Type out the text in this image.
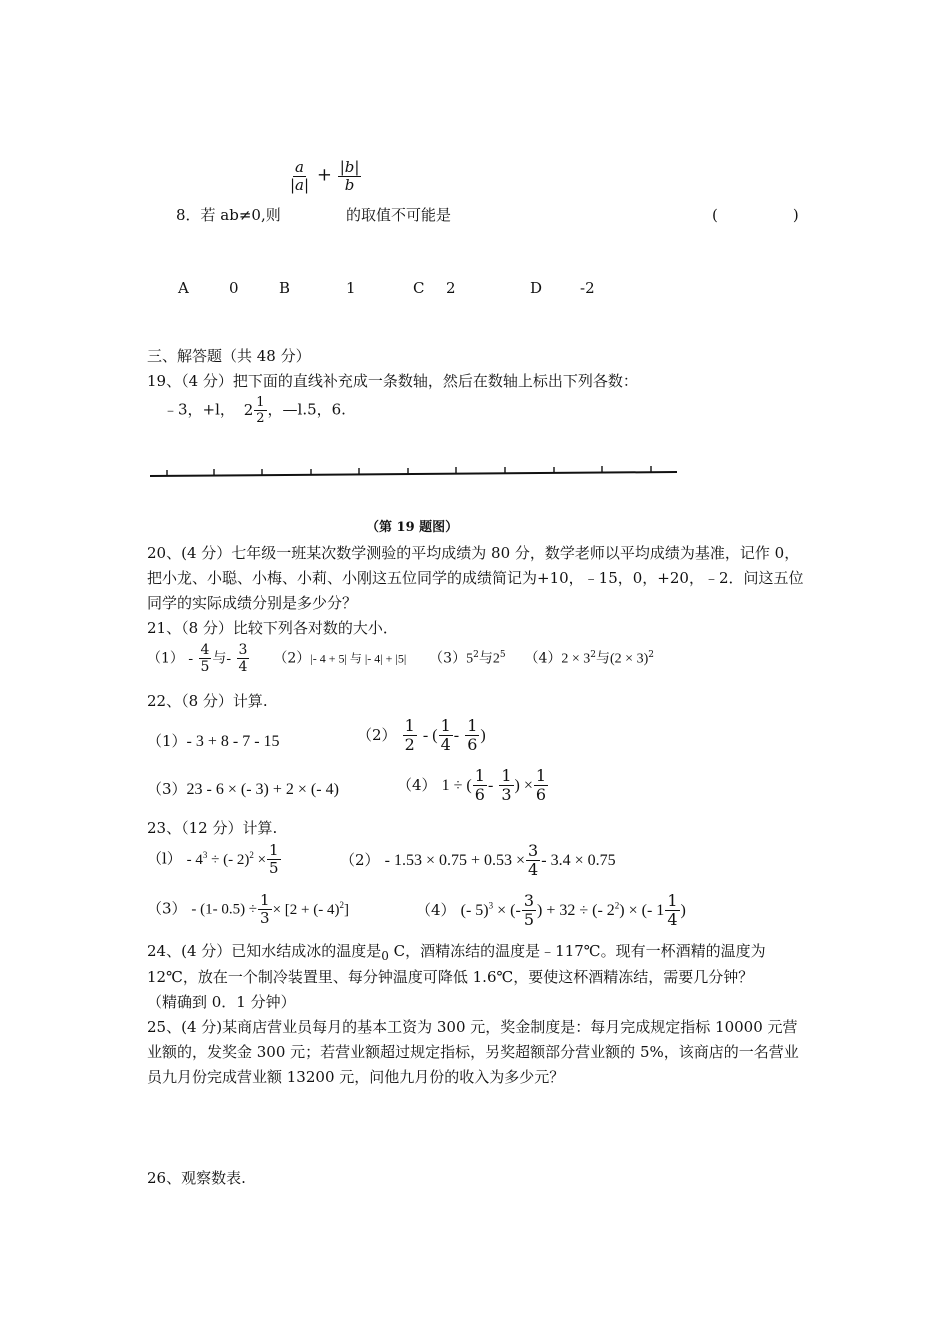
8．若 ab≠0,则
$\frac{a}{|a|} + \frac{|b|}{b}$
的取值不可能是	(　　　　　)
A	0	B	1	C 2	D	-2
三、解答题（共 48 分）
19、（4 分）把下面的直线补充成一条数轴，然后在数轴上标出下列各数：
﹣3，+l， $2 \frac{1}{2}$ ，—l.5，6.
（第 19 题图）
20、(4 分）七年级一班某次数学测验的平均成绩为 80 分，数学老师以平均成绩为基准，记作 0，把小龙、小聪、小梅、小莉、小刚这五位同学的成绩简记为+10，﹣15，0，+20，﹣2．问这五位同学的实际成绩分别是多少分？
21、（8 分）比较下列各对数的大小．
$(1) - \frac{4}{5}$ 与- $\frac{3}{4} (2)|-$ 4 + 5| 与 |- 4| + |5| $(3)5^2$与$2^5$ $(4)2 \times 3^2$与$(2 \times 3)^2$
22、（8 分）计算.
（1）- 3 + 8 - 7 - 15	$(2) \frac{1}{2}$ - ( $\frac{1}{4} - \frac{1}{6}$ )
（3）23 - 6 × (- 3) + 2 × (- 4)	（4） 1 ÷ ( $\frac{1}{6} - \frac{1}{3}$ ) × $\frac{1}{6}$
23、（12 分）计算.
$(l) - 4^3$ ÷ (- $2)^2 \times \frac{1}{5}$	$(2) - 1.53 \times 0.75 + 0.53 \times \frac{3}{4} - 3.4 \times 0.75$
（3） - (1- $0.5) \div \frac{1}{3} \times [2$ + (- 4)$^2$]	（4） (- 5)$^3$ × (- $\frac{3}{5}$ ) + 32 ÷ (- $2^2$) × (- $1 \frac{1}{4}$ )
24、(4 分）已知水结成冰的温度是$_0$ C，酒精冻结的温度是﹣117℃。现有一杯酒精的温度为
12℃，放在一个制冷装置里、每分钟温度可降低 1.6℃，要使这杯酒精冻结，需要几分钟？
（精确到 0．1 分钟）
25、(4 分)某商店营业员每月的基本工资为 300 元，奖金制度是：每月完成规定指标 10000 元营业额的，发奖金 300 元；若营业额超过规定指标，另奖超额部分营业额的 5%，该商店的一名营业员九月份完成营业额 13200 元，问他九月份的收入为多少元？
26、观察数表.
